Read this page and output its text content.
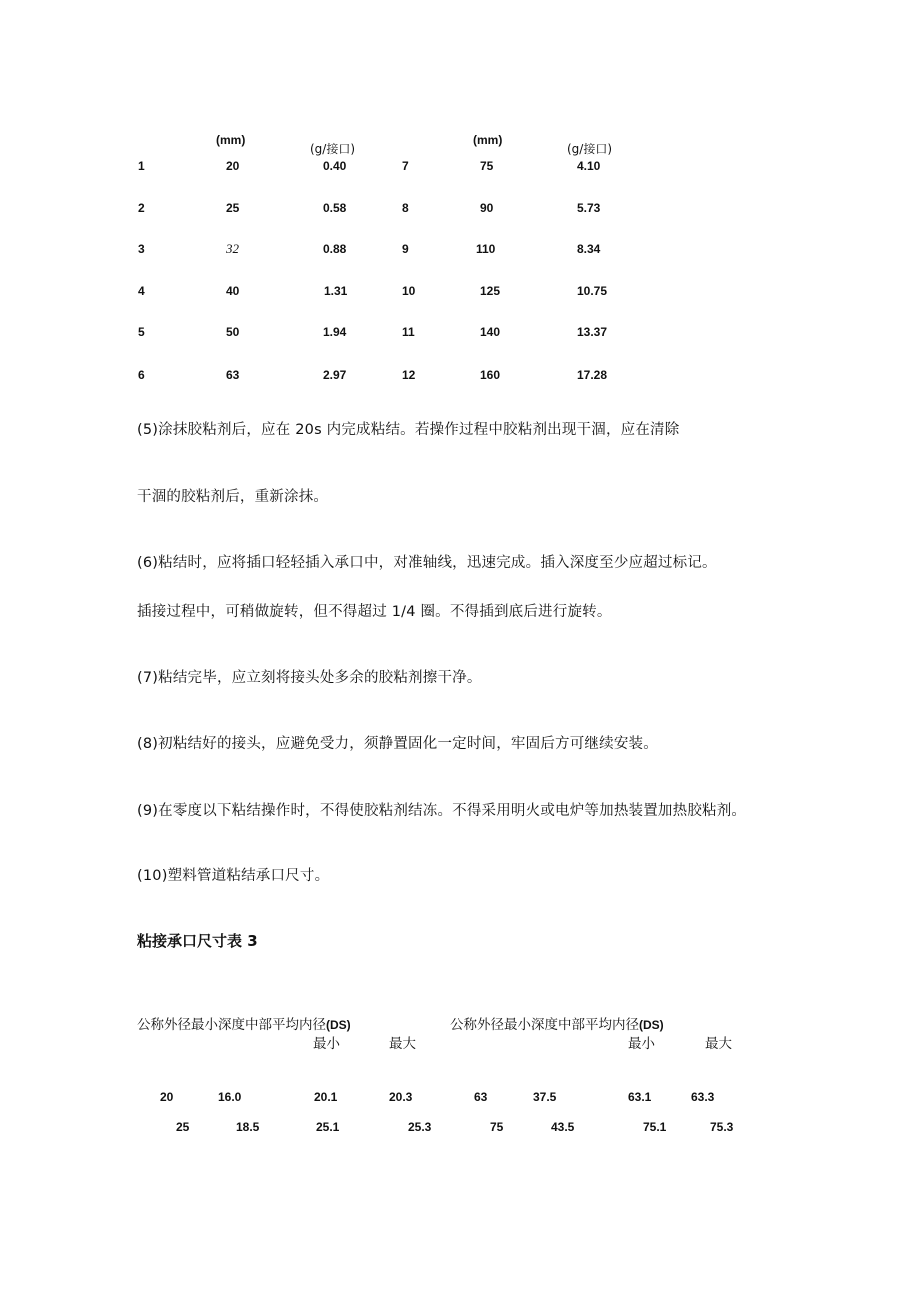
(mm)
(g/接口)
(mm)
(g/接口)
1	20	0.40	7	75	4.10
2	25	0.58	8	90	5.73
3	32	0.88	9	110	8.34
4	40	1.31	10	125	10.75
5	50	1.94	11	140	13.37
6	63	2.97	12	160	17.28

(5)涂抹胶粘剂后，应在 20s 内完成粘结。若操作过程中胶粘剂出现干涸，应在清除

干涸的胶粘剂后，重新涂抹。

(6)粘结时，应将插口轻轻插入承口中，对准轴线，迅速完成。插入深度至少应超过标记。

插接过程中，可稍做旋转，但不得超过 1/4 圈。不得插到底后进行旋转。

(7)粘结完毕，应立刻将接头处多余的胶粘剂擦干净。

(8)初粘结好的接头，应避免受力，须静置固化一定时间，牢固后方可继续安装。

(9)在零度以下粘结操作时，不得使胶粘剂结冻。不得采用明火或电炉等加热装置加热胶粘剂。

(10)塑料管道粘结承口尺寸。

粘接承口尺寸表 3
公称外径最小深度中部平均内径(DS)	公称外径最小深度中部平均内径(DS)
最小	最大	最小	最大
20	16.0	20.1	20.3	63	37.5	63.1	63.3
25	18.5	25.1	25.3	75	43.5	75.1	75.3
